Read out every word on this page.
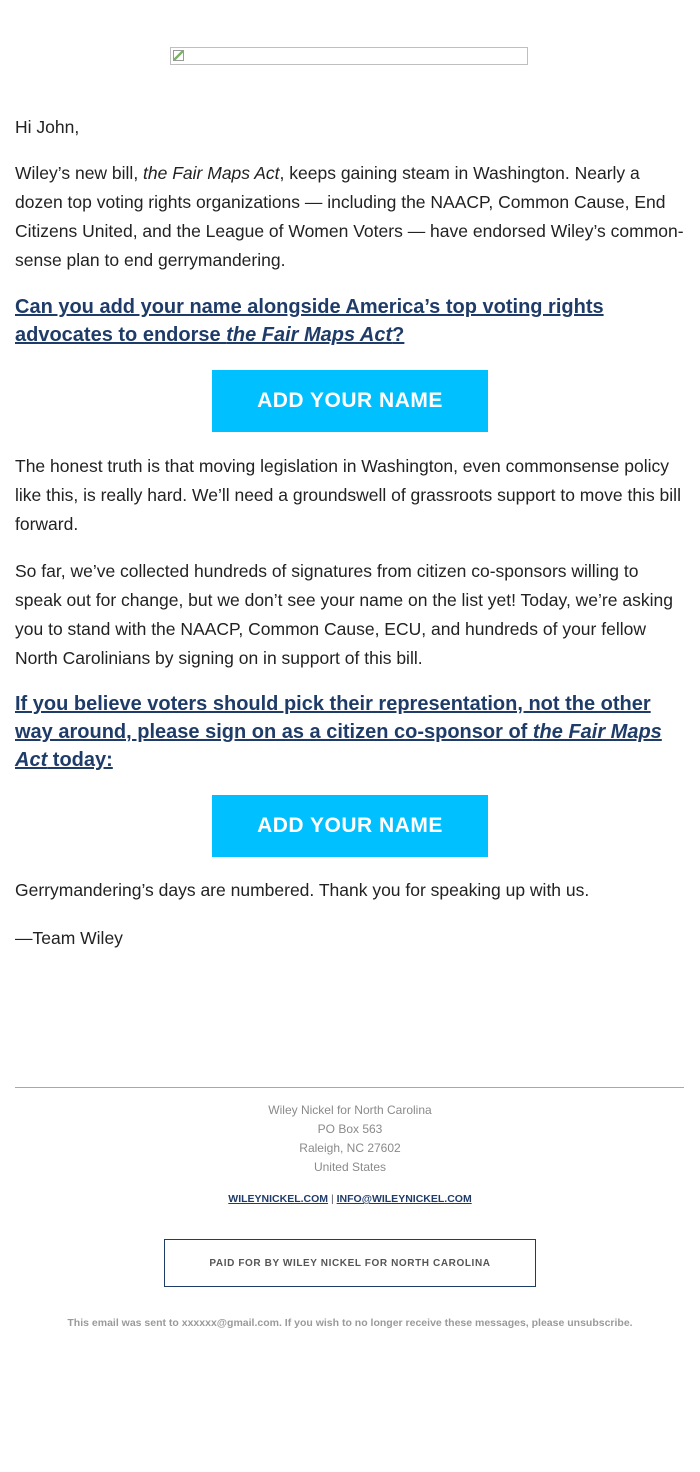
Hi John,

Wiley’s new bill, the Fair Maps Act, keeps gaining steam in Washington. Nearly a dozen top voting rights organizations — including the NAACP, Common Cause, End Citizens United, and the League of Women Voters — have endorsed Wiley’s common-sense plan to end gerrymandering.

Can you add your name alongside America’s top voting rights advocates to endorse the Fair Maps Act?
ADD YOUR NAME

The honest truth is that moving legislation in Washington, even commonsense policy like this, is really hard. We’ll need a groundswell of grassroots support to move this bill forward.

So far, we’ve collected hundreds of signatures from citizen co-sponsors willing to speak out for change, but we don’t see your name on the list yet! Today, we’re asking you to stand with the NAACP, Common Cause, ECU, and hundreds of your fellow North Carolinians by signing on in support of this bill.

If you believe voters should pick their representation, not the other way around, please sign on as a citizen co-sponsor of the Fair Maps Act today:
ADD YOUR NAME

Gerrymandering’s days are numbered. Thank you for speaking up with us.

—Team Wiley

Wiley Nickel for North Carolina
PO Box 563
Raleigh, NC 27602
United States
WILEYNICKEL.COM | INFO@WILEYNICKEL.COM
PAID FOR BY WILEY NICKEL FOR NORTH CAROLINA
This email was sent to xxxxxx@gmail.com. If you wish to no longer receive these messages, please unsubscribe.
